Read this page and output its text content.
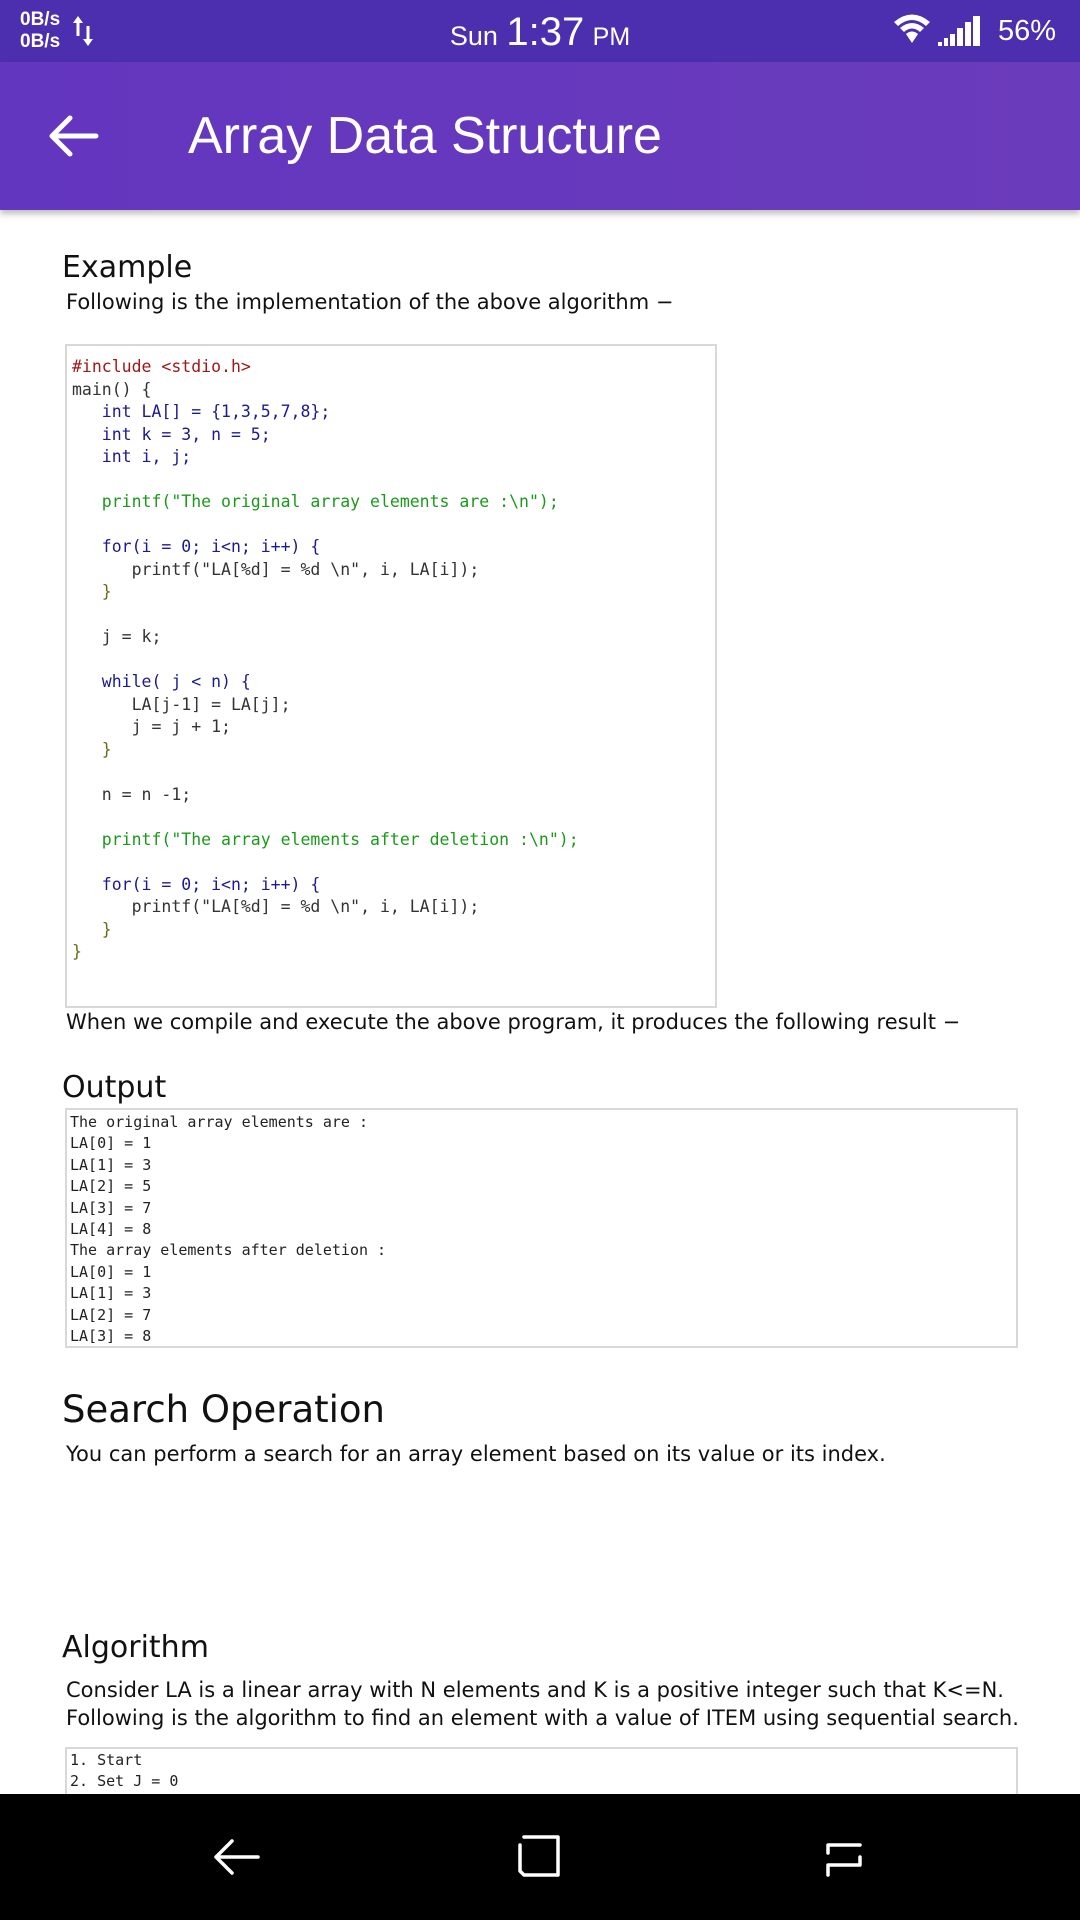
0B/s
0B/s	Sun 1:37 PM	56%
Array Data Structure
Example
Following is the implementation of the above algorithm −
#include <stdio.h>
main() {
int LA[] = {1,3,5,7,8};
int k = 3, n = 5;
int i, j;

printf("The original array elements are :\n");

for(i = 0; i<n; i++) {
printf("LA[%d] = %d \n", i, LA[i]);
}

j = k;

while( j < n) {
LA[j-1] = LA[j];
j = j + 1;
}

n = n -1;

printf("The array elements after deletion :\n");

for(i = 0; i<n; i++) {
printf("LA[%d] = %d \n", i, LA[i]);
}
}
When we compile and execute the above program, it produces the following result −
Output
The original array elements are :
LA[0] = 1
LA[1] = 3
LA[2] = 5
LA[3] = 7
LA[4] = 8
The array elements after deletion :
LA[0] = 1
LA[1] = 3
LA[2] = 7
LA[3] = 8
Search Operation
You can perform a search for an array element based on its value or its index.
Algorithm
Consider LA is a linear array with N elements and K is a positive integer such that K<=N.
Following is the algorithm to find an element with a value of ITEM using sequential search.
1. Start
2. Set J = 0
